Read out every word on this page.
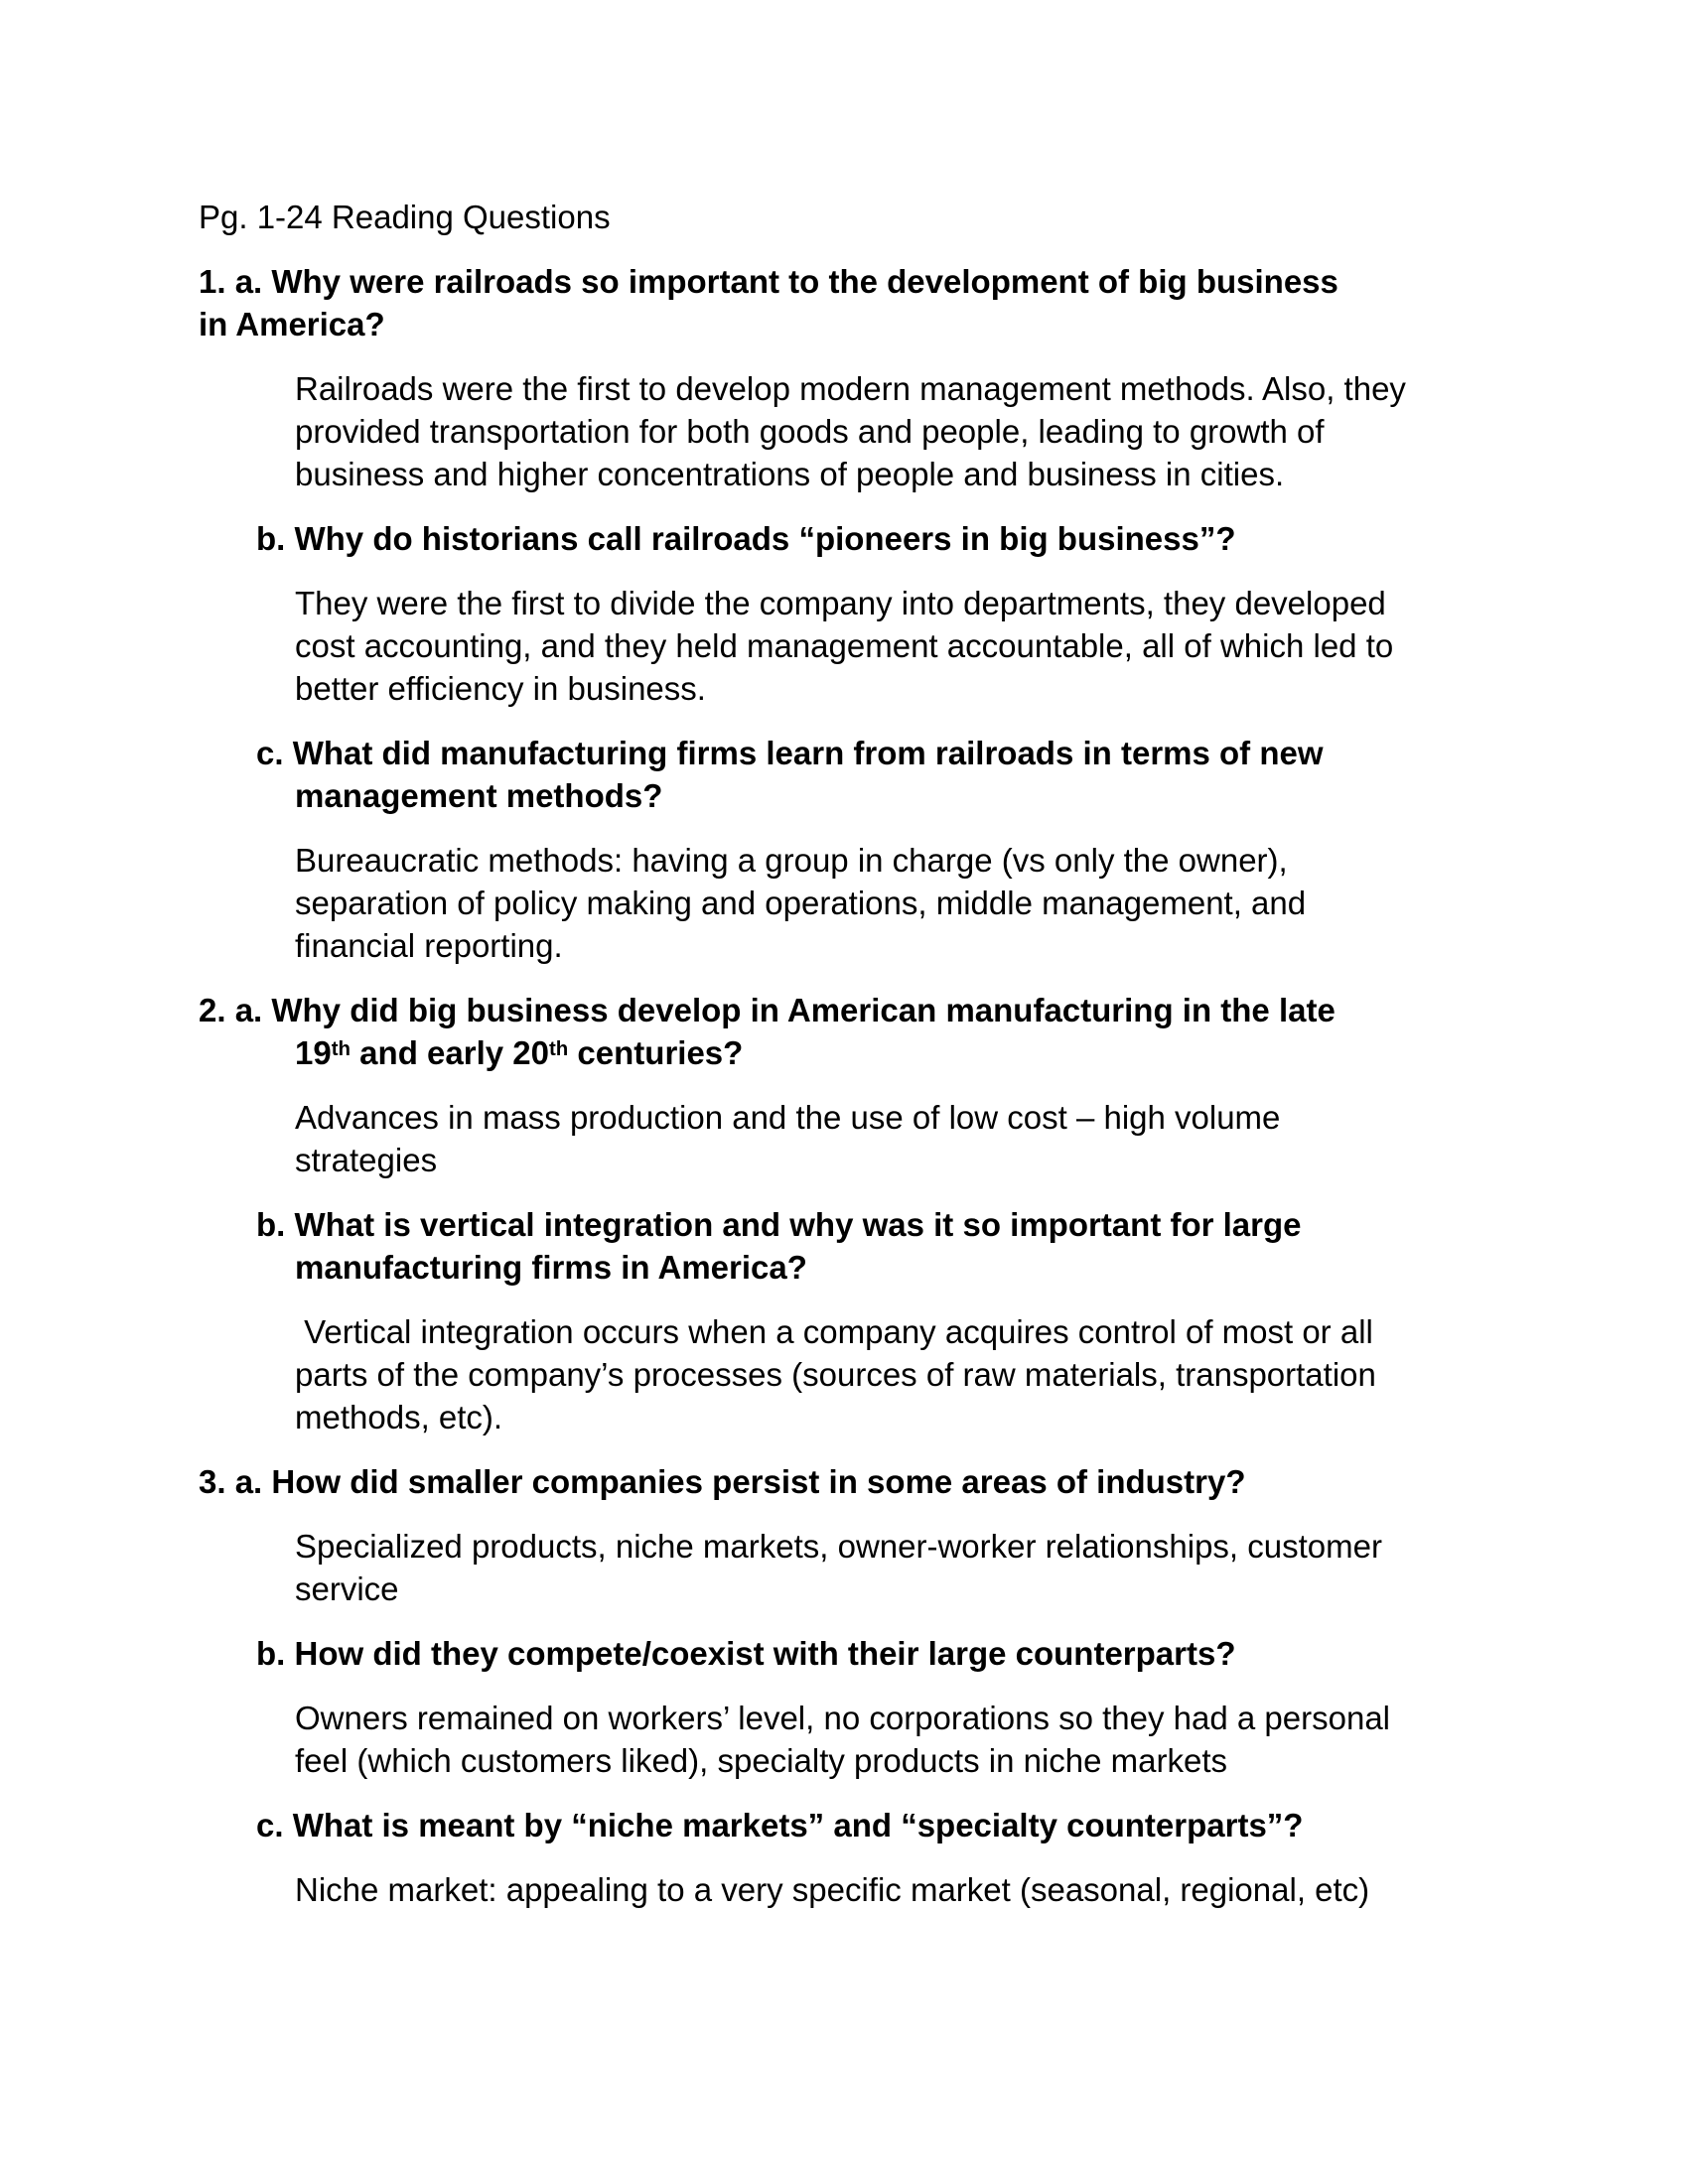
Pg. 1-24 Reading Questions

1. a. Why were railroads so important to the development of big business
in America?

Railroads were the first to develop modern management methods. Also, they
provided transportation for both goods and people, leading to growth of
business and higher concentrations of people and business in cities.

b. Why do historians call railroads “pioneers in big business”?

They were the first to divide the company into departments, they developed
cost accounting, and they held management accountable, all of which led to
better efficiency in business.

c. What did manufacturing firms learn from railroads in terms of new
management methods?

Bureaucratic methods: having a group in charge (vs only the owner),
separation of policy making and operations, middle management, and
financial reporting.

2. a. Why did big business develop in American manufacturing in the late
19th and early 20th centuries?

Advances in mass production and the use of low cost – high volume
strategies

b. What is vertical integration and why was it so important for large
manufacturing firms in America?

Vertical integration occurs when a company acquires control of most or all
parts of the company’s processes (sources of raw materials, transportation
methods, etc).

3. a. How did smaller companies persist in some areas of industry?

Specialized products, niche markets, owner-worker relationships, customer
service

b. How did they compete/coexist with their large counterparts?

Owners remained on workers’ level, no corporations so they had a personal
feel (which customers liked), specialty products in niche markets

c. What is meant by “niche markets” and “specialty counterparts”?

Niche market: appealing to a very specific market (seasonal, regional, etc)
